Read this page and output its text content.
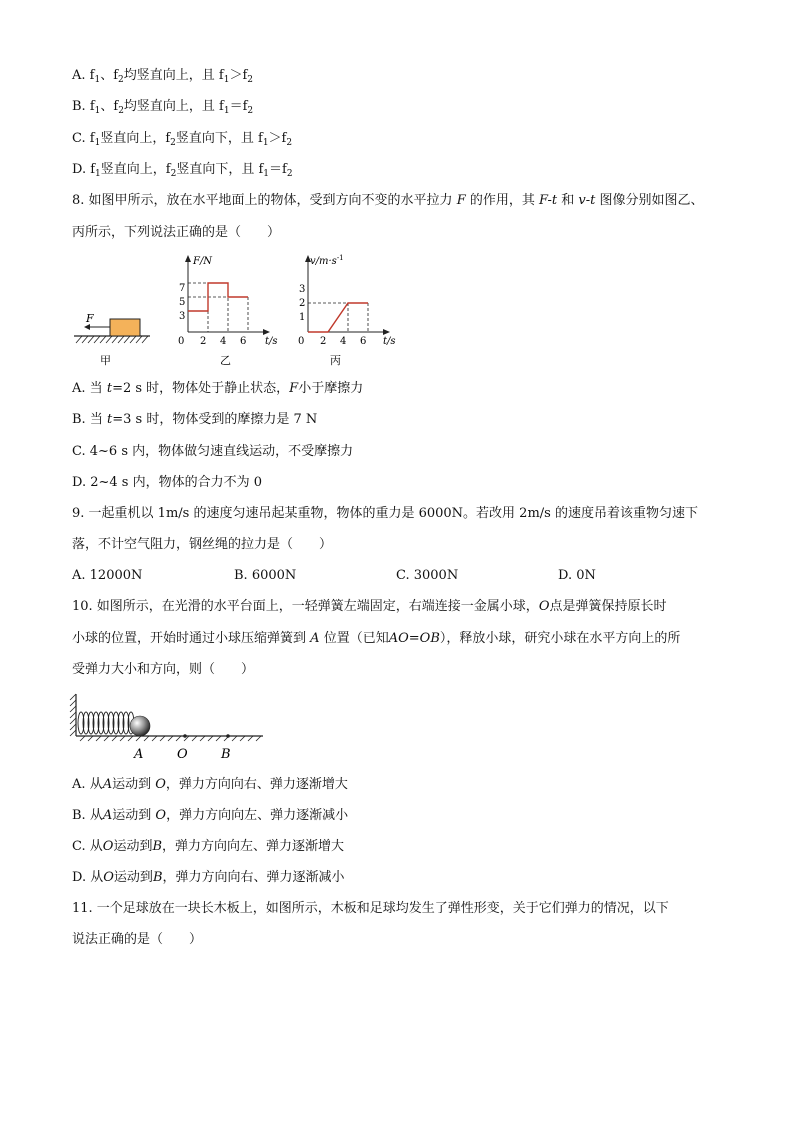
A. $f_1$、$f_2$均竖直向上，且 $f_1>f_2$
B. $f_1$、$f_2$均竖直向上，且 $f_1=f_2$
C. $f_1$竖直向上，$f_2$竖直向下，且 $f_1>f_2$
D. $f_1$竖直向上，$f_2$竖直向下，且 $f_1=f_2$
8. 如图甲所示，放在水平地面上的物体，受到方向不变的水平拉力 F 的作用，其 F-t 和 v-t 图像分别如图乙、
丙所示，下列说法正确的是（　　）
F
甲
F/N
t/s
0
7
5
3
2 4 6
乙
$v/m\cdot s^{-1}$
t/s
0
3
2
1
2 4 6
丙
A. 当 t=2 s 时，物体处于静止状态，F小于摩擦力
B. 当 t=3 s 时，物体受到的摩擦力是 7 N
C. 4~6 s 内，物体做匀速直线运动，不受摩擦力
D. 2~4 s 内，物体的合力不为 0
9. 一起重机以 1m/s 的速度匀速吊起某重物，物体的重力是 6000N。若改用 2m/s 的速度吊着该重物匀速下
落，不计空气阻力，钢丝绳的拉力是（　　）
A. 12000N	B. 6000N	C. 3000N	D. 0N
10. 如图所示，在光滑的水平台面上，一轻弹簧左端固定，右端连接一金属小球，O点是弹簧保持原长时
小球的位置，开始时通过小球压缩弹簧到 A 位置（已知AO=OB），释放小球，研究小球在水平方向上的所
受弹力大小和方向，则（　　）
A	O	B
A. 从A运动到 O，弹力方向向右、弹力逐渐增大
B. 从A运动到 O，弹力方向向左、弹力逐渐减小
C. 从O运动到B，弹力方向向左、弹力逐渐增大
D. 从O运动到B，弹力方向向右、弹力逐渐减小
11. 一个足球放在一块长木板上，如图所示，木板和足球均发生了弹性形变，关于它们弹力的情况，以下
说法正确的是（　　）
